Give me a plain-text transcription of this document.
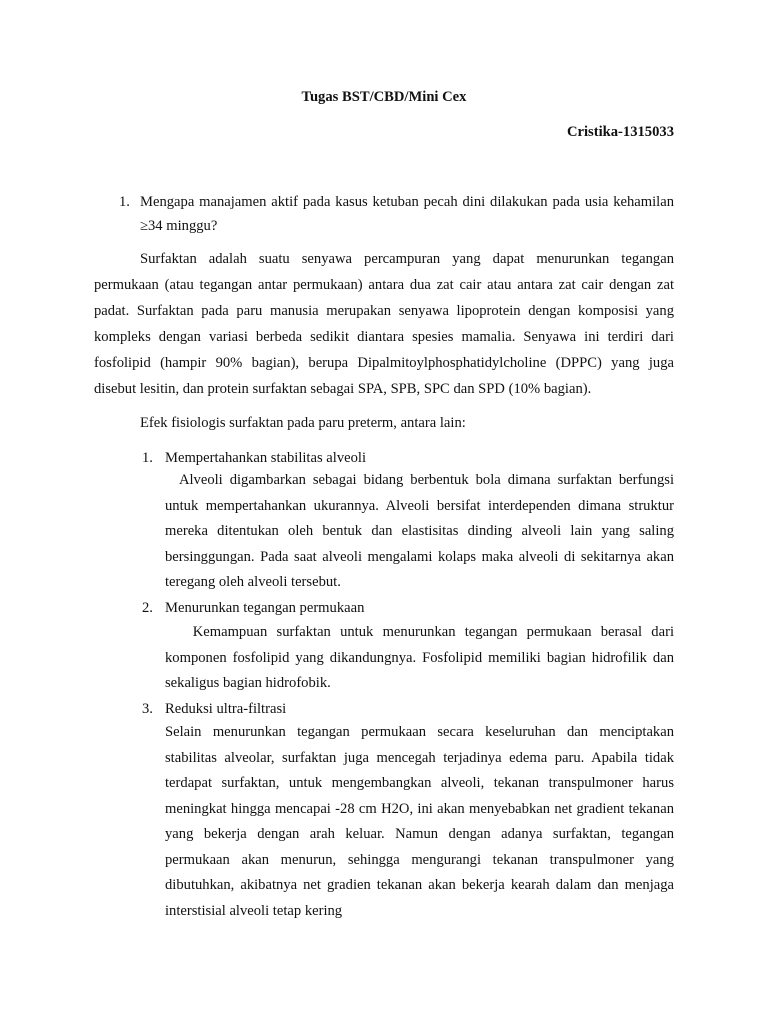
Tugas BST/CBD/Mini Cex
Cristika-1315033
1. Mengapa manajamen aktif pada kasus ketuban pecah dini dilakukan pada usia kehamilan ≥34 minggu?
Surfaktan adalah suatu senyawa percampuran yang dapat menurunkan tegangan permukaan (atau tegangan antar permukaan) antara dua zat cair atau antara zat cair dengan zat padat. Surfaktan pada paru manusia merupakan senyawa lipoprotein dengan komposisi yang kompleks dengan variasi berbeda sedikit diantara spesies mamalia. Senyawa ini terdiri dari fosfolipid (hampir 90% bagian), berupa Dipalmitoylphosphatidylcholine (DPPC) yang juga disebut lesitin, dan protein surfaktan sebagai SPA, SPB, SPC dan SPD (10% bagian).
Efek fisiologis surfaktan pada paru preterm, antara lain:
1. Mempertahankan stabilitas alveoli
Alveoli digambarkan sebagai bidang berbentuk bola dimana surfaktan berfungsi untuk mempertahankan ukurannya. Alveoli bersifat interdependen dimana struktur mereka ditentukan oleh bentuk dan elastisitas dinding alveoli lain yang saling bersinggungan. Pada saat alveoli mengalami kolaps maka alveoli di sekitarnya akan teregang oleh alveoli tersebut.
2. Menurunkan tegangan permukaan
Kemampuan surfaktan untuk menurunkan tegangan permukaan berasal dari komponen fosfolipid yang dikandungnya. Fosfolipid memiliki bagian hidrofilik dan sekaligus bagian hidrofobik.
3. Reduksi ultra-filtrasi
Selain menurunkan tegangan permukaan secara keseluruhan dan menciptakan stabilitas alveolar, surfaktan juga mencegah terjadinya edema paru. Apabila tidak terdapat surfaktan, untuk mengembangkan alveoli, tekanan transpulmoner harus meningkat hingga mencapai -28 cm H2O, ini akan menyebabkan net gradient tekanan yang bekerja dengan arah keluar. Namun dengan adanya surfaktan, tegangan permukaan akan menurun, sehingga mengurangi tekanan transpulmoner yang dibutuhkan, akibatnya net gradien tekanan akan bekerja kearah dalam dan menjaga interstisial alveoli tetap kering
